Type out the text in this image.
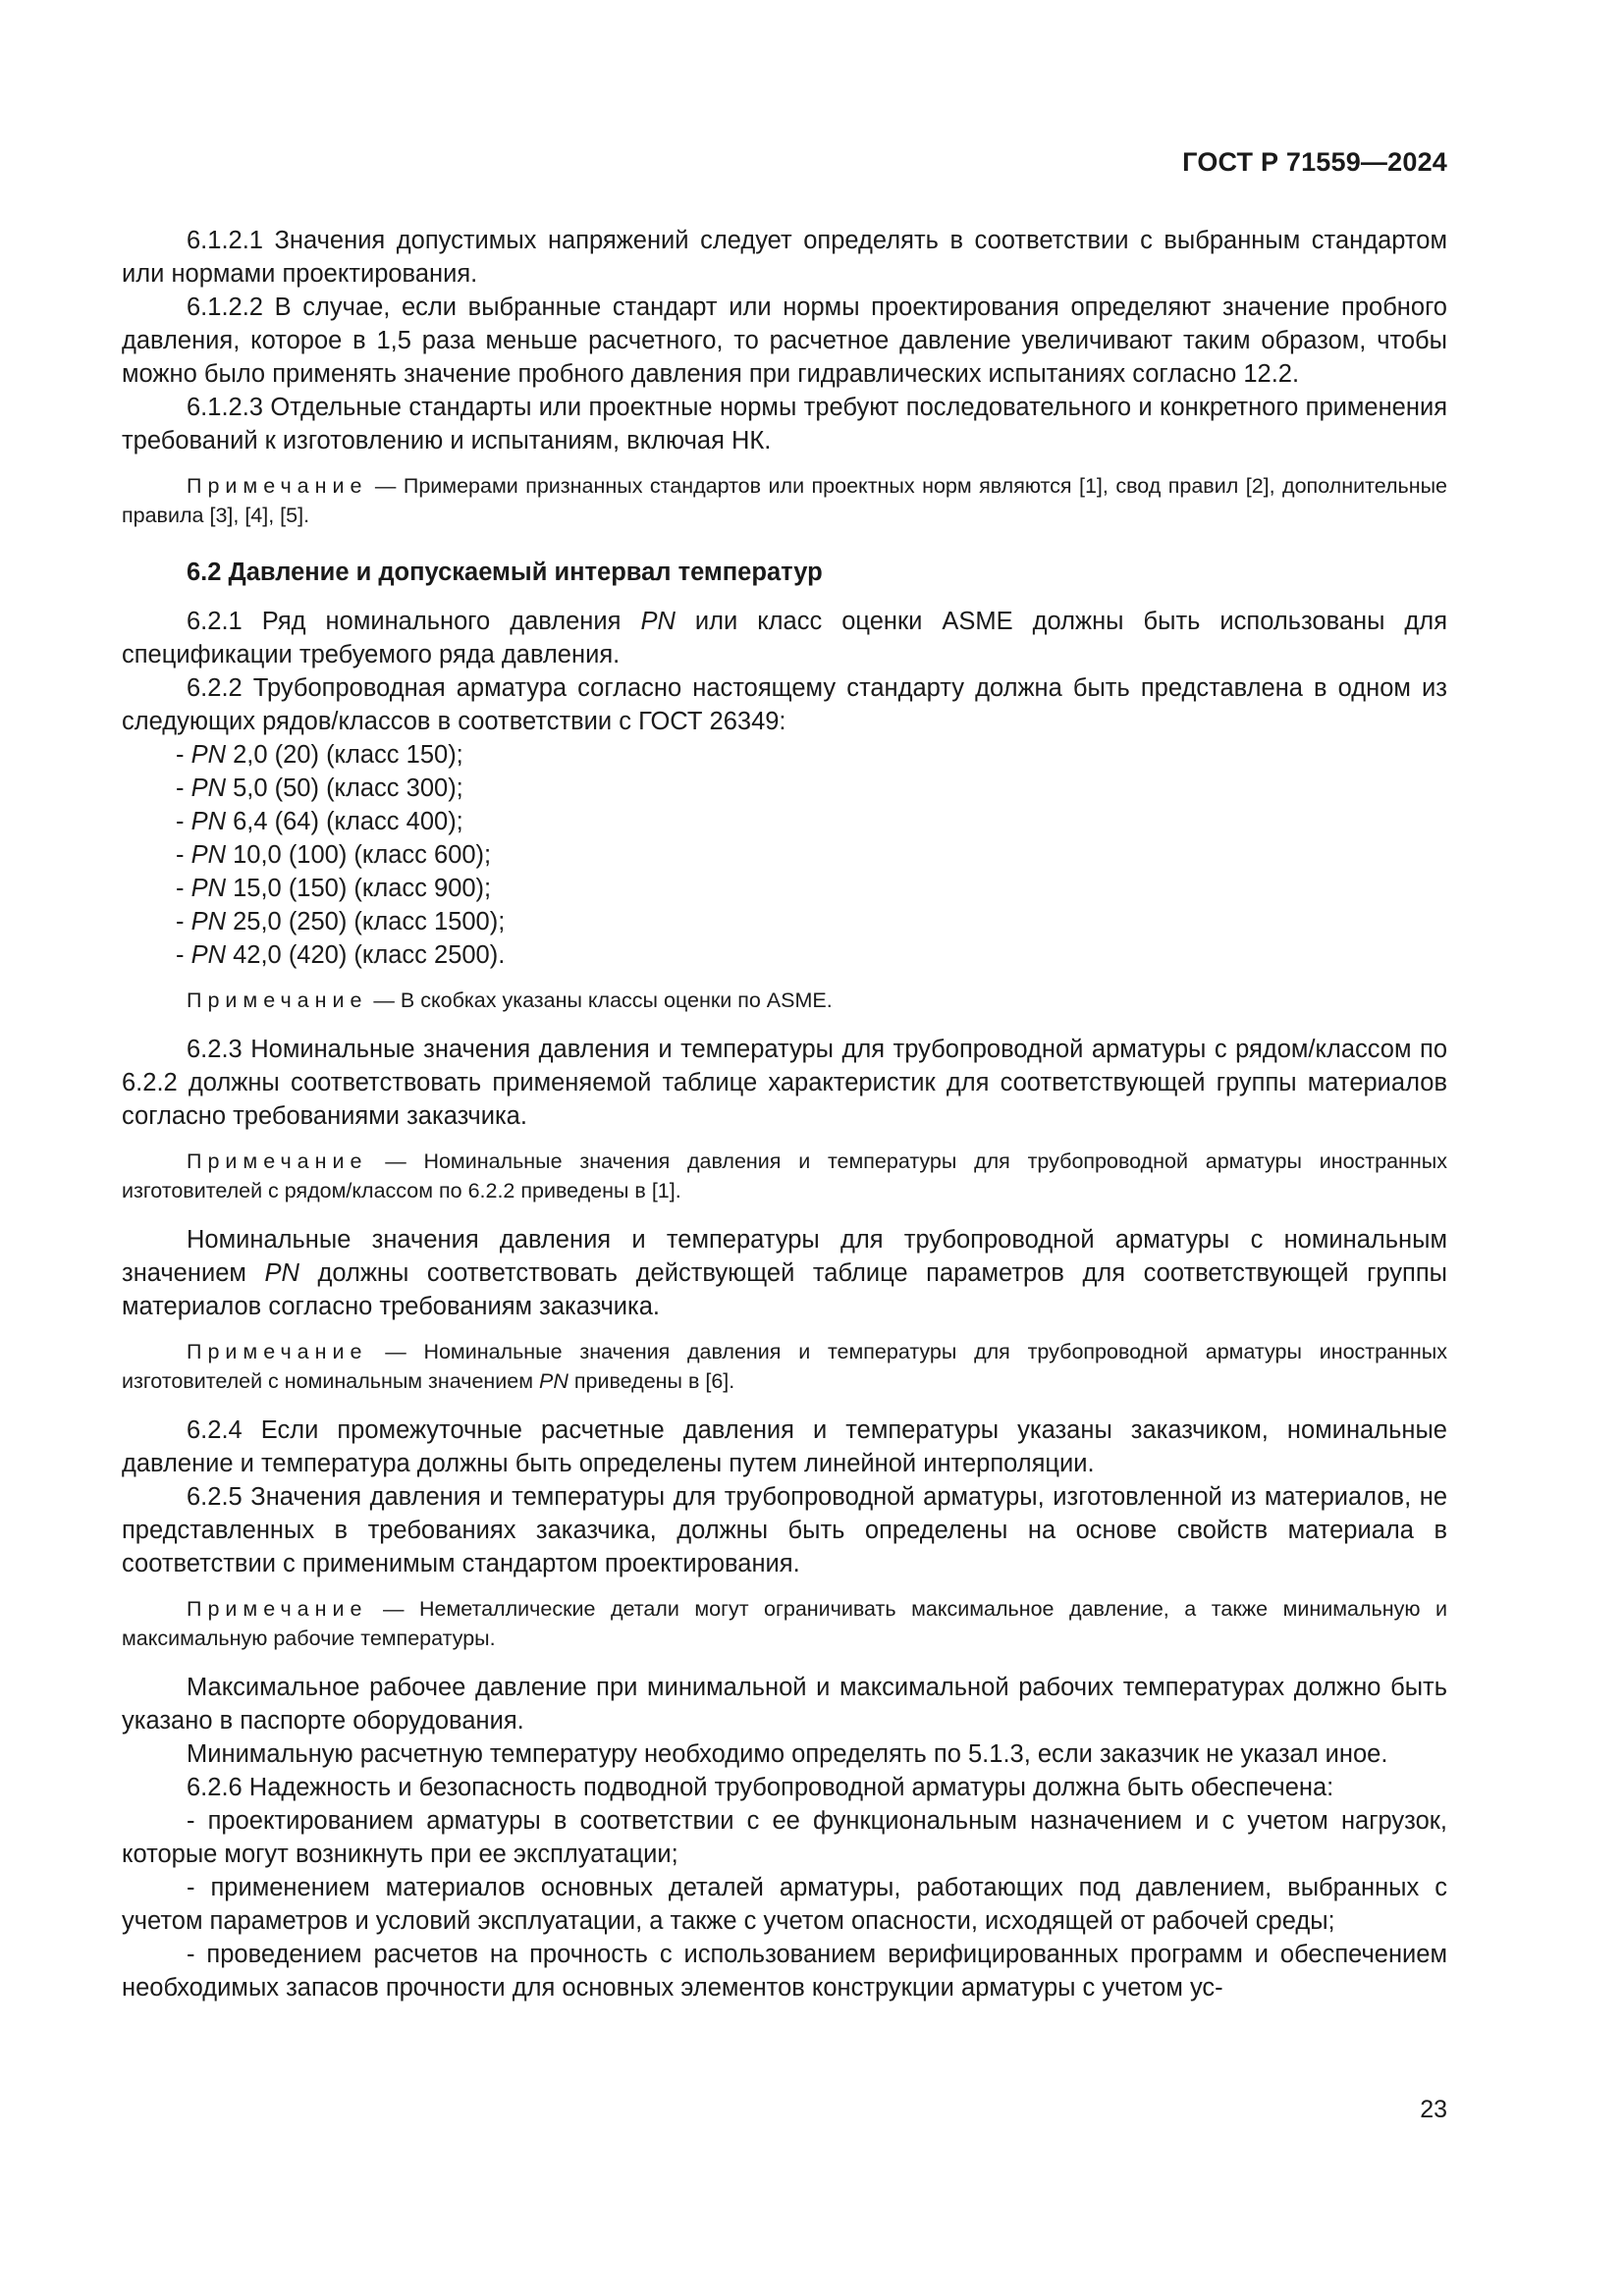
ГОСТ Р 71559—2024

6.1.2.1 Значения допустимых напряжений следует определять в соответствии с выбранным стандартом или нормами проектирования.

6.1.2.2 В случае, если выбранные стандарт или нормы проектирования определяют значение пробного давления, которое в 1,5 раза меньше расчетного, то расчетное давление увеличивают таким образом, чтобы можно было применять значение пробного давления при гидравлических испытаниях согласно 12.2.

6.1.2.3 Отдельные стандарты или проектные нормы требуют последовательного и конкретного применения требований к изготовлению и испытаниям, включая НК.

Примечание — Примерами признанных стандартов или проектных норм являются [1], свод правил [2], дополнительные правила [3], [4], [5].

6.2 Давление и допускаемый интервал температур

6.2.1 Ряд номинального давления PN или класс оценки ASME должны быть использованы для спецификации требуемого ряда давления.

6.2.2 Трубопроводная арматура согласно настоящему стандарту должна быть представлена в одном из следующих рядов/классов в соответствии с ГОСТ 26349:

- PN 2,0 (20) (класс 150);

- PN 5,0 (50) (класс 300);

- PN 6,4 (64) (класс 400);

- PN 10,0 (100) (класс 600);

- PN 15,0 (150) (класс 900);

- PN 25,0 (250) (класс 1500);

- PN 42,0 (420) (класс 2500).

Примечание — В скобках указаны классы оценки по ASME.

6.2.3 Номинальные значения давления и температуры для трубопроводной арматуры с рядом/классом по 6.2.2 должны соответствовать применяемой таблице характеристик для соответствующей группы материалов согласно требованиями заказчика.

Примечание — Номинальные значения давления и температуры для трубопроводной арматуры иностранных изготовителей с рядом/классом по 6.2.2 приведены в [1].

Номинальные значения давления и температуры для трубопроводной арматуры с номинальным значением PN должны соответствовать действующей таблице параметров для соответствующей группы материалов согласно требованиям заказчика.

Примечание — Номинальные значения давления и температуры для трубопроводной арматуры иностранных изготовителей с номинальным значением PN приведены в [6].

6.2.4 Если промежуточные расчетные давления и температуры указаны заказчиком, номинальные давление и температура должны быть определены путем линейной интерполяции.

6.2.5 Значения давления и температуры для трубопроводной арматуры, изготовленной из материалов, не представленных в требованиях заказчика, должны быть определены на основе свойств материала в соответствии с применимым стандартом проектирования.

Примечание — Неметаллические детали могут ограничивать максимальное давление, а также минимальную и максимальную рабочие температуры.

Максимальное рабочее давление при минимальной и максимальной рабочих температурах должно быть указано в паспорте оборудования.

Минимальную расчетную температуру необходимо определять по 5.1.3, если заказчик не указал иное.

6.2.6 Надежность и безопасность подводной трубопроводной арматуры должна быть обеспечена:

- проектированием арматуры в соответствии с ее функциональным назначением и с учетом нагрузок, которые могут возникнуть при ее эксплуатации;

- применением материалов основных деталей арматуры, работающих под давлением, выбранных с учетом параметров и условий эксплуатации, а также с учетом опасности, исходящей от рабочей среды;

- проведением расчетов на прочность с использованием верифицированных программ и обеспечением необходимых запасов прочности для основных элементов конструкции арматуры с учетом ус-

23
